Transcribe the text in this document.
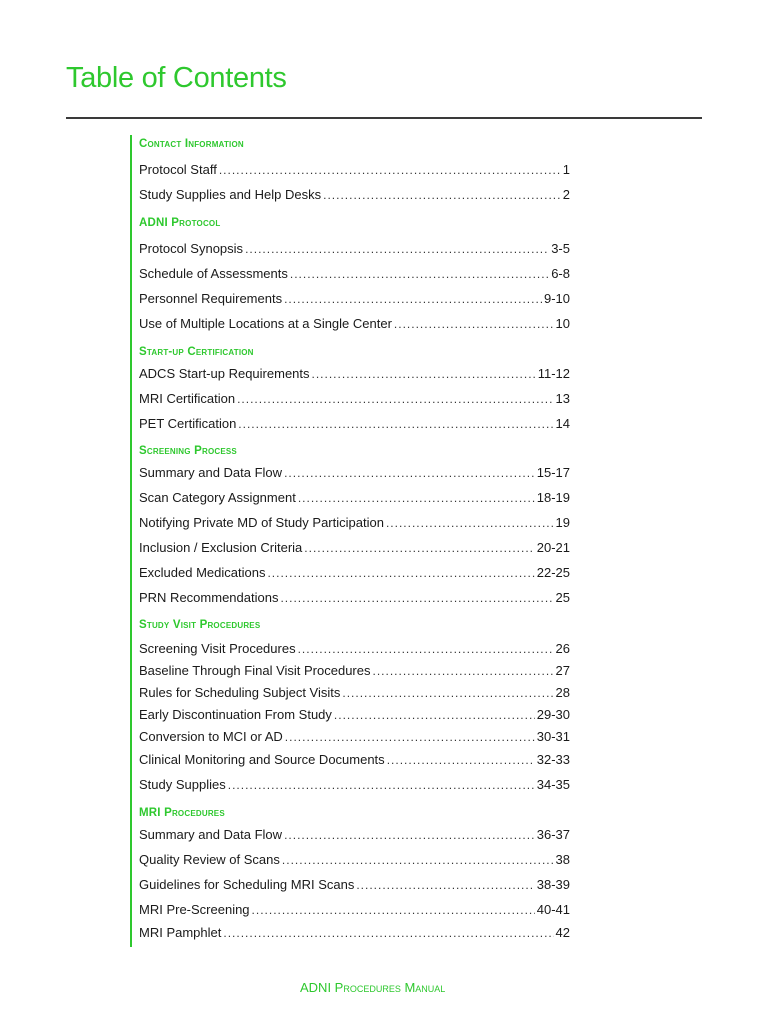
Table of Contents
Contact Information
Protocol Staff .....	1
Study Supplies and Help Desks .....	2
ADNI Protocol
Protocol Synopsis .....	3-5
Schedule of Assessments .....	6-8
Personnel Requirements .....	9-10
Use of Multiple Locations at a Single Center .....	10
Start-up Certification
ADCS Start-up Requirements .....	11-12
MRI Certification .....	13
PET Certification .....	14
Screening Process
Summary and Data Flow .....	15-17
Scan Category Assignment .....	18-19
Notifying Private MD of Study Participation .....	19
Inclusion / Exclusion Criteria .....	20-21
Excluded Medications .....	22-25
PRN Recommendations .....	25
Study Visit Procedures
Screening Visit Procedures .....	26
Baseline Through Final Visit Procedures .....	27
Rules for Scheduling Subject Visits .....	28
Early Discontinuation From Study .....	29-30
Conversion to MCI or AD .....	30-31
Clinical Monitoring and Source Documents .....	32-33
Study Supplies .....	34-35
MRI Procedures
Summary and Data Flow .....	36-37
Quality Review of Scans .....	38
Guidelines for Scheduling MRI Scans .....	38-39
MRI Pre-Screening .....	40-41
MRI Pamphlet .....	42

ADNI Procedures Manual
